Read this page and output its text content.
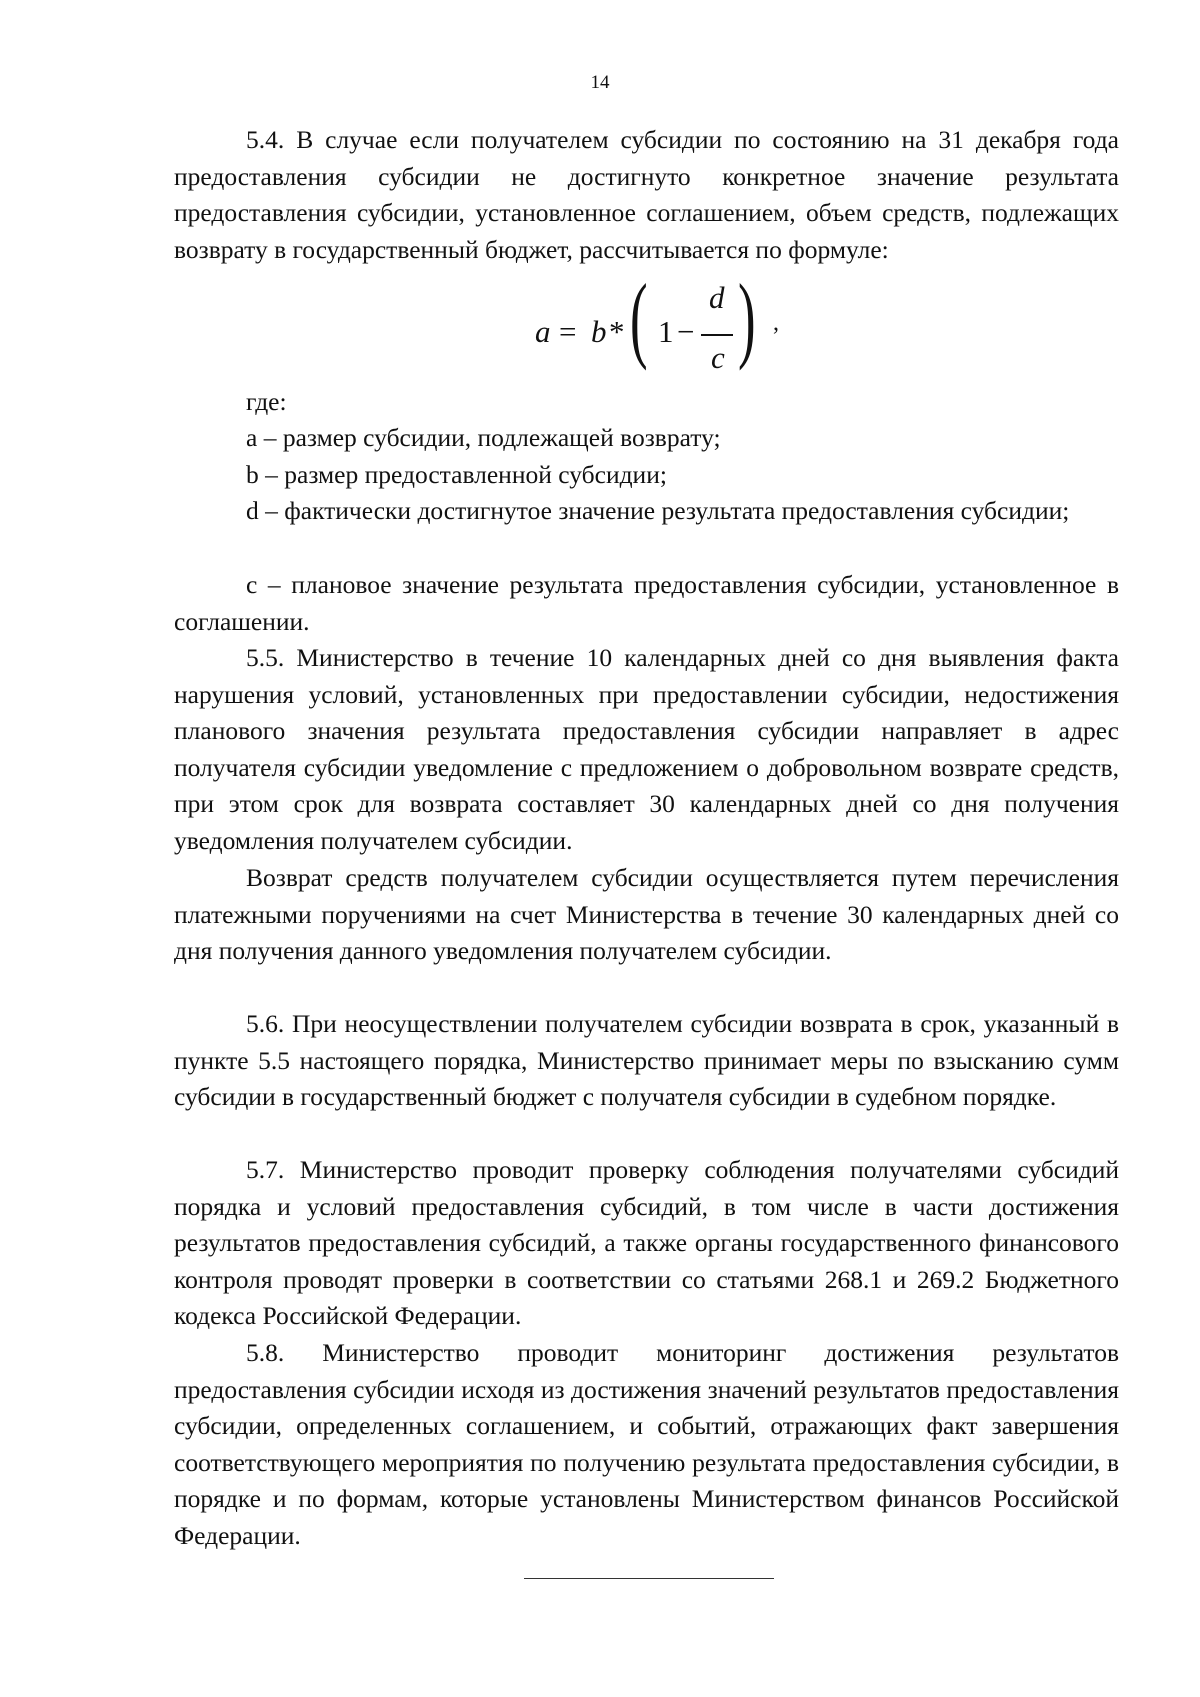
14
5.4. В случае если получателем субсидии по состоянию на 31 декабря года предоставления субсидии не достигнуто конкретное значение результата предоставления субсидии, установленное соглашением, объем средств, подлежащих возврату в государственный бюджет, рассчитывается по формуле:
a = b * ( 1 −
d
c ) ,
где:
a – размер субсидии, подлежащей возврату;
b – размер предоставленной субсидии;
d – фактически достигнутое значение результата предоставления субсидии;
c – плановое значение результата предоставления субсидии, установленное в соглашении.
5.5. Министерство в течение 10 календарных дней со дня выявления факта нарушения условий, установленных при предоставлении субсидии, недостижения планового значения результата предоставления субсидии направляет в адрес получателя субсидии уведомление с предложением о добровольном возврате средств, при этом срок для возврата составляет 30 календарных дней со дня получения уведомления получателем субсидии.
Возврат средств получателем субсидии осуществляется путем перечисления платежными поручениями на счет Министерства в течение 30 календарных дней со дня получения данного уведомления получателем субсидии.
5.6. При неосуществлении получателем субсидии возврата в срок, указанный в пункте 5.5 настоящего порядка, Министерство принимает меры по взысканию сумм субсидии в государственный бюджет с получателя субсидии в судебном порядке.
5.7. Министерство проводит проверку соблюдения получателями субсидий порядка и условий предоставления субсидий, в том числе в части достижения результатов предоставления субсидий, а также органы государственного финансового контроля проводят проверки в соответствии со статьями 268.1 и 269.2 Бюджетного кодекса Российской Федерации.
5.8. Министерство проводит мониторинг достижения результатов предоставления субсидии исходя из достижения значений результатов предоставления субсидии, определенных соглашением, и событий, отражающих факт завершения соответствующего мероприятия по получению результата предоставления субсидии, в порядке и по формам, которые установлены Министерством финансов Российской Федерации.
